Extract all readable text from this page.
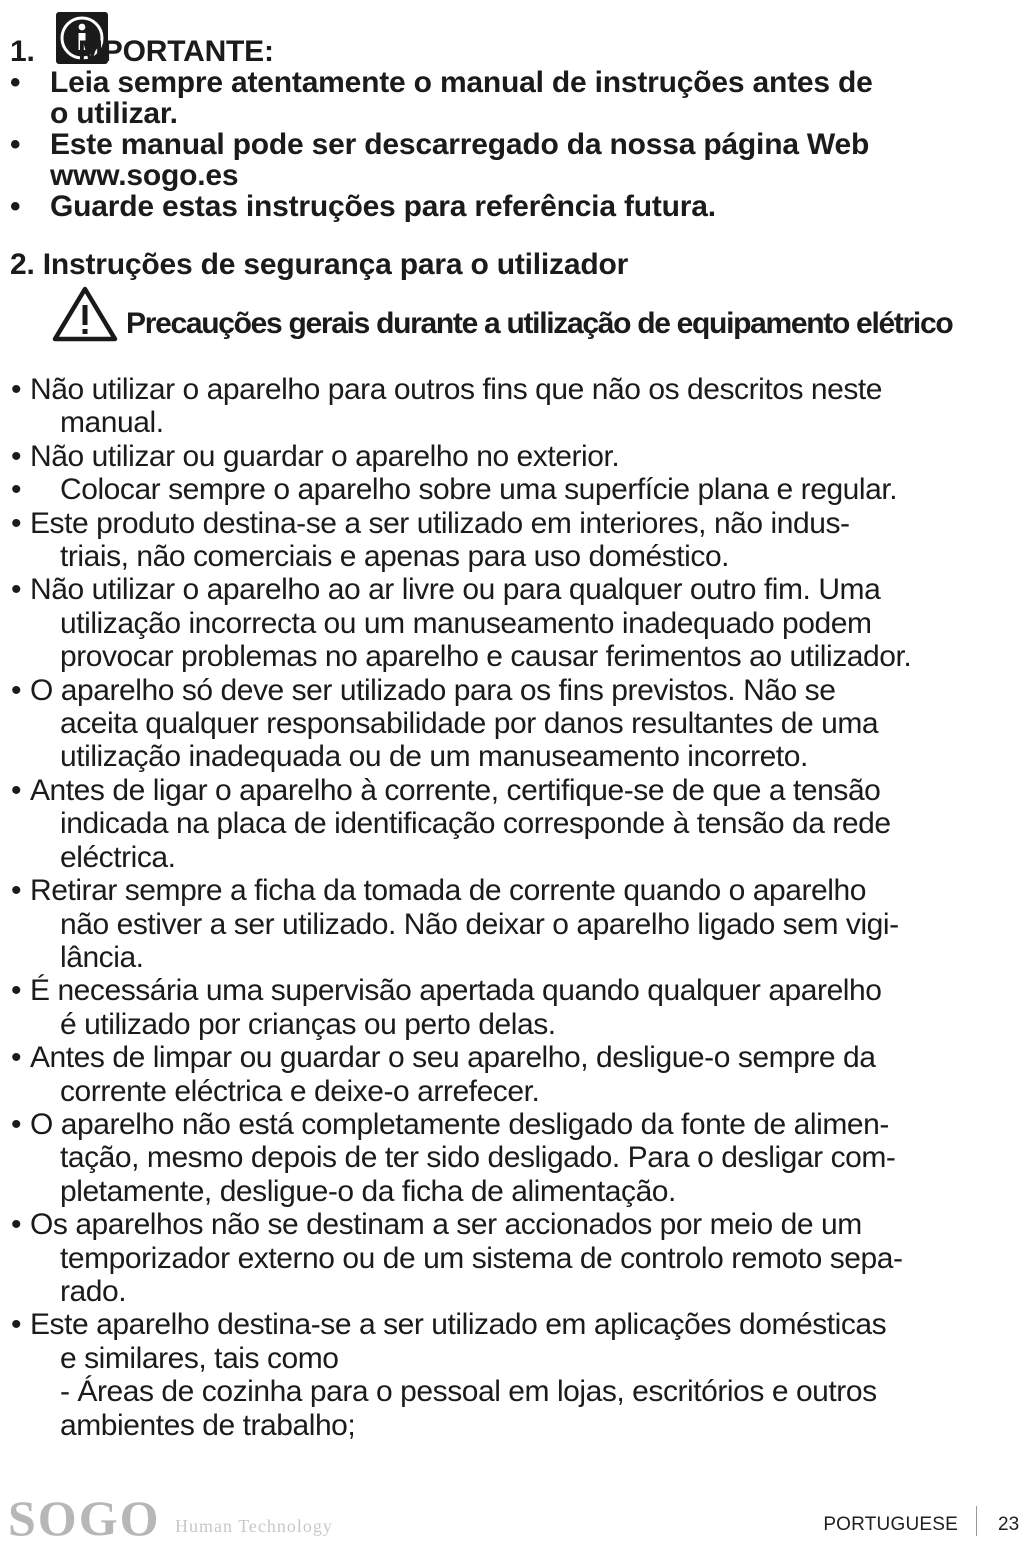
1. MPORTANTE:
• Leia sempre atentamente o manual de instruções antes de
o utilizar.
• Este manual pode ser descarregado da nossa página Web
www.sogo.es
• Guarde estas instruções para referência futura.
2. Instruções de segurança para o utilizador
Precauções gerais durante a utilização de equipamento elétrico
• Não utilizar o aparelho para outros fins que não os descritos neste
manual.
• Não utilizar ou guardar o aparelho no exterior.
• Colocar sempre o aparelho sobre uma superfície plana e regular.
• Este produto destina-se a ser utilizado em interiores, não indus-
triais, não comerciais e apenas para uso doméstico.
• Não utilizar o aparelho ao ar livre ou para qualquer outro fim. Uma
utilização incorrecta ou um manuseamento inadequado podem
provocar problemas no aparelho e causar ferimentos ao utilizador.
• O aparelho só deve ser utilizado para os fins previstos. Não se
aceita qualquer responsabilidade por danos resultantes de uma
utilização inadequada ou de um manuseamento incorreto.
• Antes de ligar o aparelho à corrente, certifique-se de que a tensão
indicada na placa de identificação corresponde à tensão da rede
eléctrica.
• Retirar sempre a ficha da tomada de corrente quando o aparelho
não estiver a ser utilizado. Não deixar o aparelho ligado sem vigi-
lância.
• É necessária uma supervisão apertada quando qualquer aparelho
é utilizado por crianças ou perto delas.
• Antes de limpar ou guardar o seu aparelho, desligue-o sempre da
corrente eléctrica e deixe-o arrefecer.
• O aparelho não está completamente desligado da fonte de alimen-
tação, mesmo depois de ter sido desligado. Para o desligar com-
pletamente, desligue-o da ficha de alimentação.
• Os aparelhos não se destinam a ser accionados por meio de um
temporizador externo ou de um sistema de controlo remoto sepa-
rado.
• Este aparelho destina-se a ser utilizado em aplicações domésticas
e similares, tais como
- Áreas de cozinha para o pessoal em lojas, escritórios e outros
ambientes de trabalho;
SOGO Human Technology	PORTUGUESE 23
